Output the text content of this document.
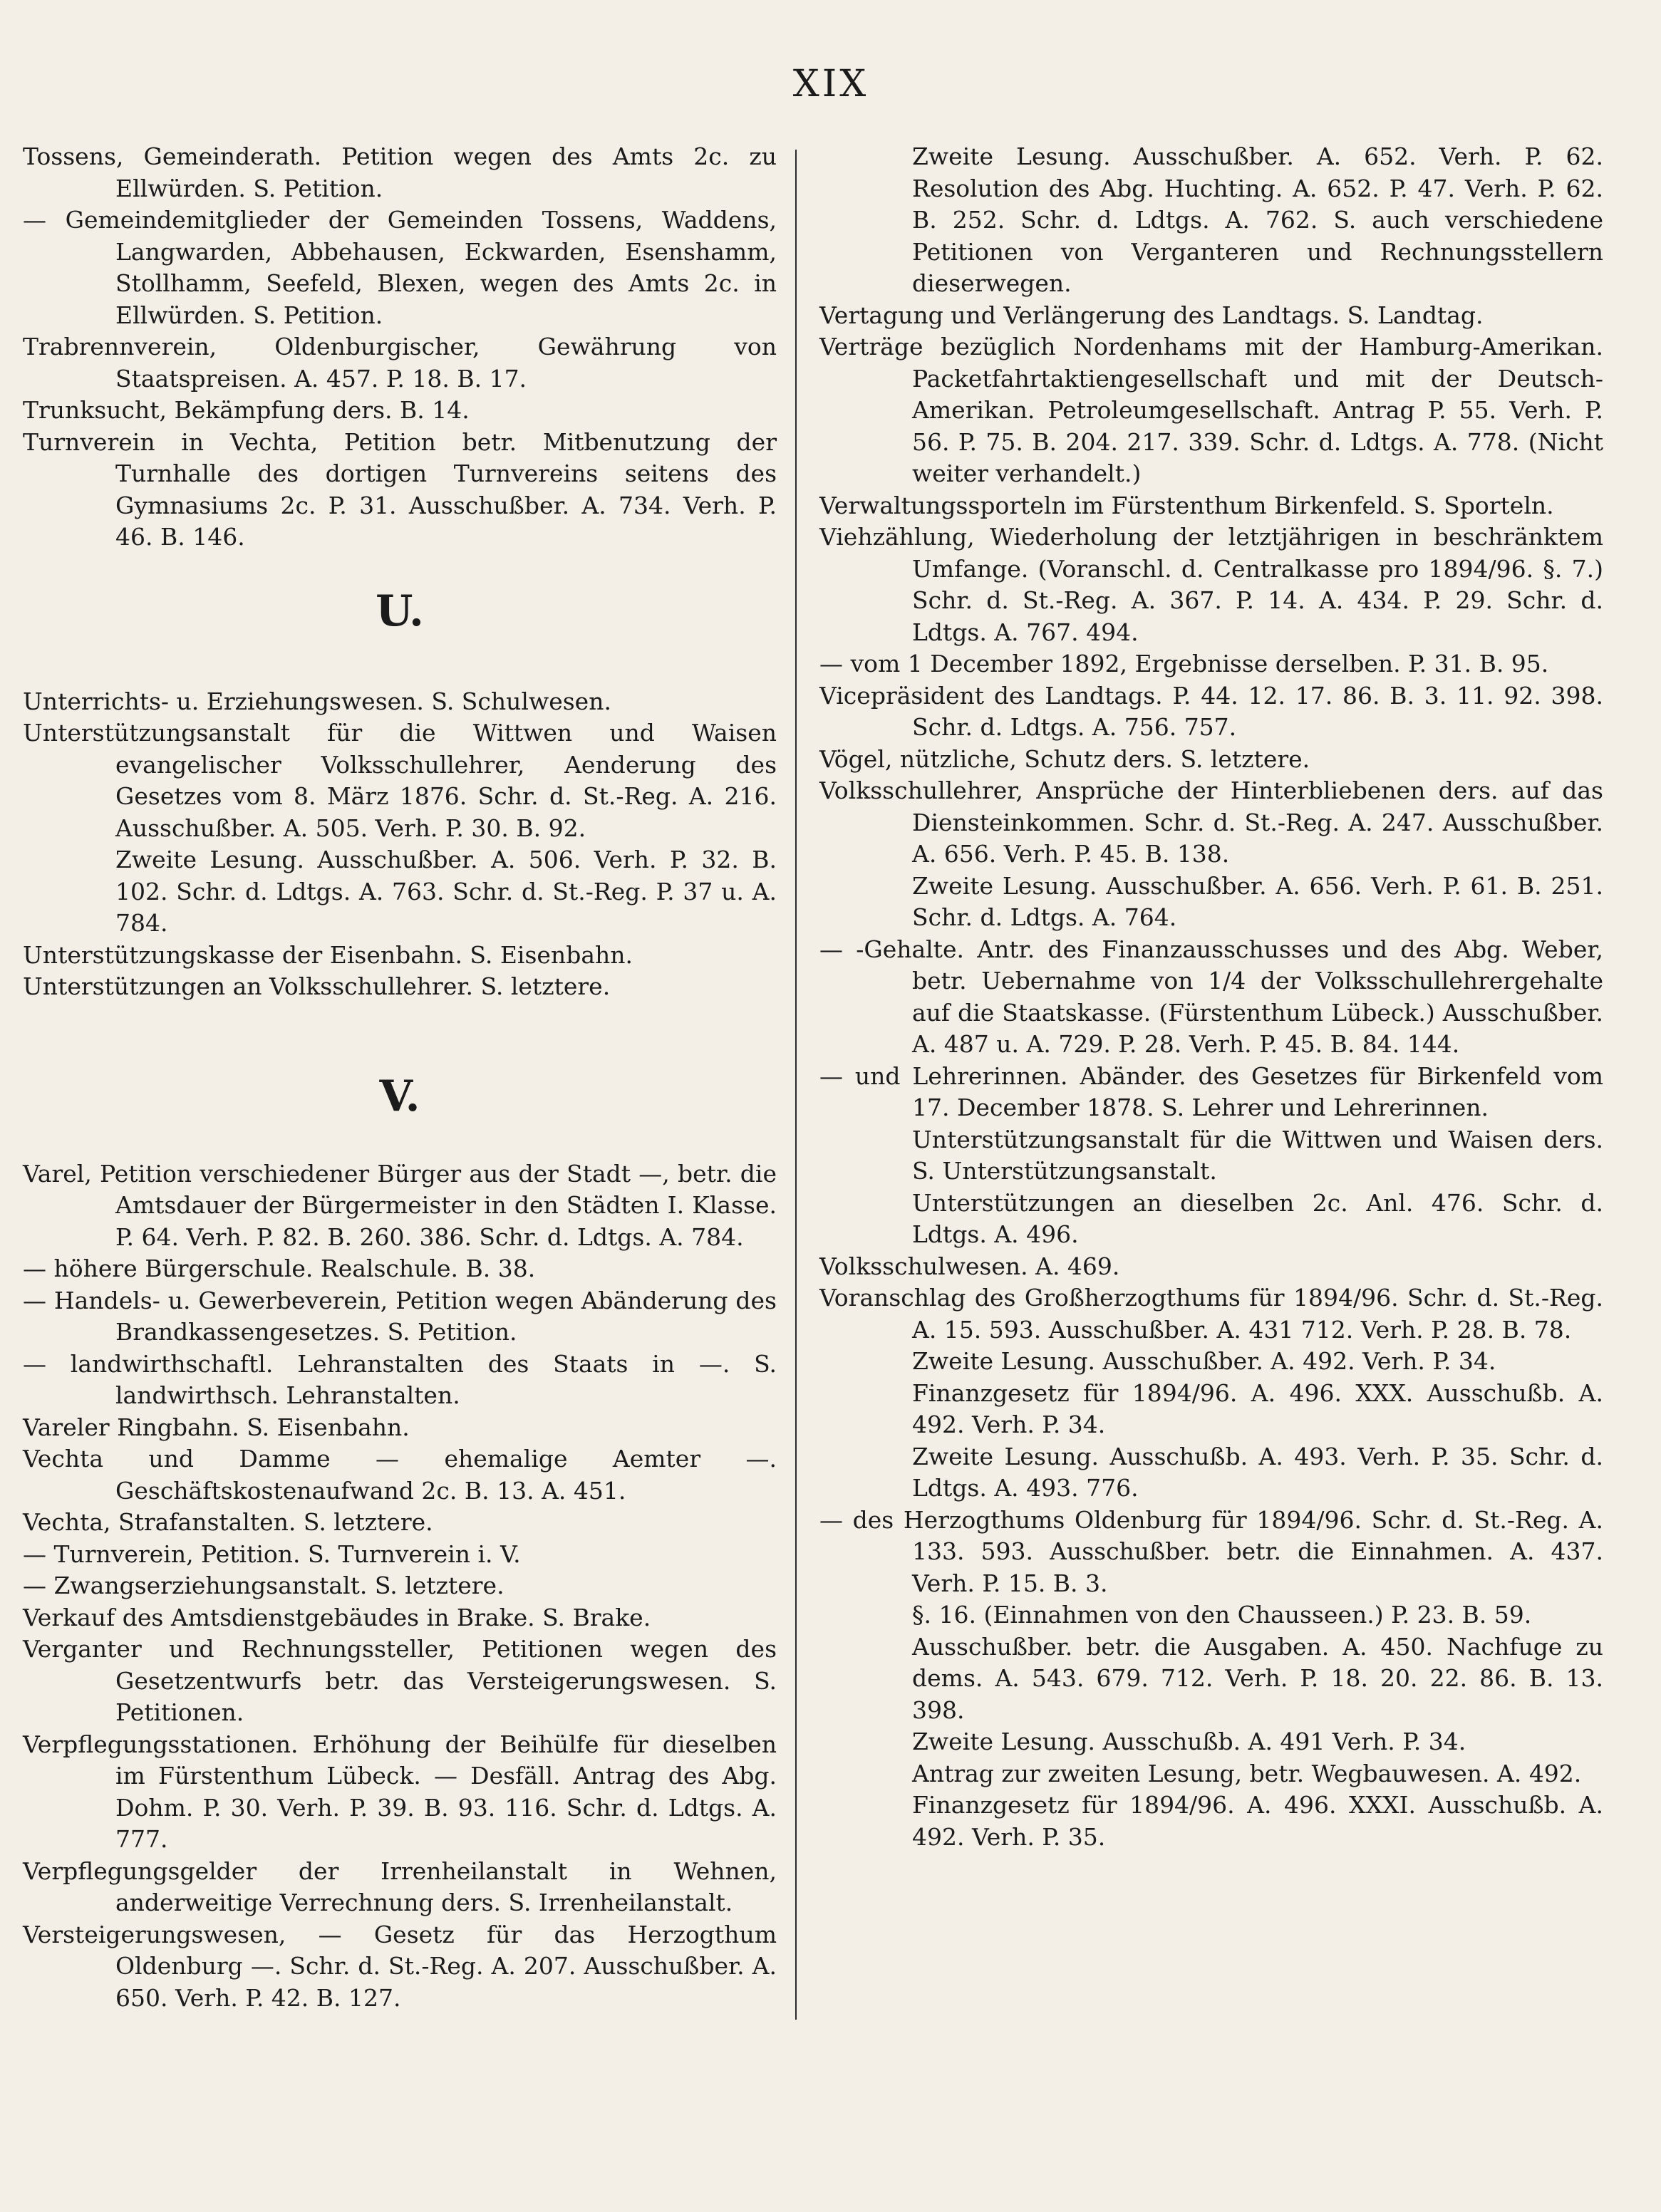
XIX
Tossens, Gemeinderath. Petition wegen des Amts 2c. zu Ellwürden. S. Petition.
— Gemeindemitglieder der Gemeinden Tossens, Waddens, Langwarden, Abbehausen, Eckwarden, Esenshamm, Stollhamm, Seefeld, Blexen, wegen des Amts 2c. in Ellwürden. S. Petition.
Trabrennverein, Oldenburgischer, Gewährung von Staatspreisen. A. 457. P. 18. B. 17.
Trunksucht, Bekämpfung ders. B. 14.
Turnverein in Vechta, Petition betr. Mitbenutzung der Turnhalle des dortigen Turnvereins seitens des Gymnasiums 2c. P. 31. Ausschußber. A. 734. Verh. P. 46. B. 146.
U.
Unterrichts- u. Erziehungswesen. S. Schulwesen.
Unterstützungsanstalt für die Wittwen und Waisen evangelischer Volksschullehrer, Aenderung des Gesetzes vom 8. März 1876. Schr. d. St.-Reg. A. 216. Ausschußber. A. 505. Verh. P. 30. B. 92.
Zweite Lesung. Ausschußber. A. 506. Verh. P. 32. B. 102. Schr. d. Ldtgs. A. 763. Schr. d. St.-Reg. P. 37 u. A. 784.
Unterstützungskasse der Eisenbahn. S. Eisenbahn.
Unterstützungen an Volksschullehrer. S. letztere.
V.
Varel, Petition verschiedener Bürger aus der Stadt —, betr. die Amtsdauer der Bürgermeister in den Städten I. Klasse. P. 64. Verh. P. 82. B. 260. 386. Schr. d. Ldtgs. A. 784.
— höhere Bürgerschule. Realschule. B. 38.
— Handels- u. Gewerbeverein, Petition wegen Abänderung des Brandkassengesetzes. S. Petition.
— landwirthschaftl. Lehranstalten des Staats in —. S. landwirthsch. Lehranstalten.
Vareler Ringbahn. S. Eisenbahn.
Vechta und Damme — ehemalige Aemter —. Geschäftskostenaufwand 2c. B. 13. A. 451.
Vechta, Strafanstalten. S. letztere.
— Turnverein, Petition. S. Turnverein i. V.
— Zwangserziehungsanstalt. S. letztere.
Verkauf des Amtsdienstgebäudes in Brake. S. Brake.
Verganter und Rechnungssteller, Petitionen wegen des Gesetzentwurfs betr. das Versteigerungswesen. S. Petitionen.
Verpflegungsstationen. Erhöhung der Beihülfe für dieselben im Fürstenthum Lübeck. — Desfäll. Antrag des Abg. Dohm. P. 30. Verh. P. 39. B. 93. 116. Schr. d. Ldtgs. A. 777.
Verpflegungsgelder der Irrenheilanstalt in Wehnen, anderweitige Verrechnung ders. S. Irrenheilanstalt.
Versteigerungswesen, — Gesetz für das Herzogthum Oldenburg —. Schr. d. St.-Reg. A. 207. Ausschußber. A. 650. Verh. P. 42. B. 127.
Zweite Lesung. Ausschußber. A. 652. Verh. P. 62. Resolution des Abg. Huchting. A. 652. P. 47. Verh. P. 62. B. 252. Schr. d. Ldtgs. A. 762. S. auch verschiedene Petitionen von Verganteren und Rechnungsstellern dieserwegen.
Vertagung und Verlängerung des Landtags. S. Landtag.
Verträge bezüglich Nordenhams mit der Hamburg-Amerikan. Packetfahrtaktiengesellschaft und mit der Deutsch-Amerikan. Petroleumgesellschaft. Antrag P. 55. Verh. P. 56. P. 75. B. 204. 217. 339. Schr. d. Ldtgs. A. 778. (Nicht weiter verhandelt.)
Verwaltungssporteln im Fürstenthum Birkenfeld. S. Sporteln.
Viehzählung, Wiederholung der letztjährigen in beschränktem Umfange. (Voranschl. d. Centralkasse pro 1894/96. §. 7.) Schr. d. St.-Reg. A. 367. P. 14. A. 434. P. 29. Schr. d. Ldtgs. A. 767. 494.
— vom 1 December 1892, Ergebnisse derselben. P. 31. B. 95.
Vicepräsident des Landtags. P. 44. 12. 17. 86. B. 3. 11. 92. 398. Schr. d. Ldtgs. A. 756. 757.
Vögel, nützliche, Schutz ders. S. letztere.
Volksschullehrer, Ansprüche der Hinterbliebenen ders. auf das Diensteinkommen. Schr. d. St.-Reg. A. 247. Ausschußber. A. 656. Verh. P. 45. B. 138.
Zweite Lesung. Ausschußber. A. 656. Verh. P. 61. B. 251. Schr. d. Ldtgs. A. 764.
— -Gehalte. Antr. des Finanzausschusses und des Abg. Weber, betr. Uebernahme von 1/4 der Volksschullehrergehalte auf die Staatskasse. (Fürstenthum Lübeck.) Ausschußber. A. 487 u. A. 729. P. 28. Verh. P. 45. B. 84. 144.
— und Lehrerinnen. Abänder. des Gesetzes für Birkenfeld vom 17. December 1878. S. Lehrer und Lehrerinnen.
Unterstützungsanstalt für die Wittwen und Waisen ders. S. Unterstützungsanstalt.
Unterstützungen an dieselben 2c. Anl. 476. Schr. d. Ldtgs. A. 496.
Volksschulwesen. A. 469.
Voranschlag des Großherzogthums für 1894/96. Schr. d. St.-Reg. A. 15. 593. Ausschußber. A. 431 712. Verh. P. 28. B. 78.
Zweite Lesung. Ausschußber. A. 492. Verh. P. 34.
Finanzgesetz für 1894/96. A. 496. XXX. Ausschußb. A. 492. Verh. P. 34.
Zweite Lesung. Ausschußb. A. 493. Verh. P. 35. Schr. d. Ldtgs. A. 493. 776.
— des Herzogthums Oldenburg für 1894/96. Schr. d. St.-Reg. A. 133. 593. Ausschußber. betr. die Einnahmen. A. 437. Verh. P. 15. B. 3.
§. 16. (Einnahmen von den Chausseen.) P. 23. B. 59.
Ausschußber. betr. die Ausgaben. A. 450. Nachfuge zu dems. A. 543. 679. 712. Verh. P. 18. 20. 22. 86. B. 13. 398.
Zweite Lesung. Ausschußb. A. 491 Verh. P. 34.
Antrag zur zweiten Lesung, betr. Wegbauwesen. A. 492.
Finanzgesetz für 1894/96. A. 496. XXXI. Ausschußb. A. 492. Verh. P. 35.
